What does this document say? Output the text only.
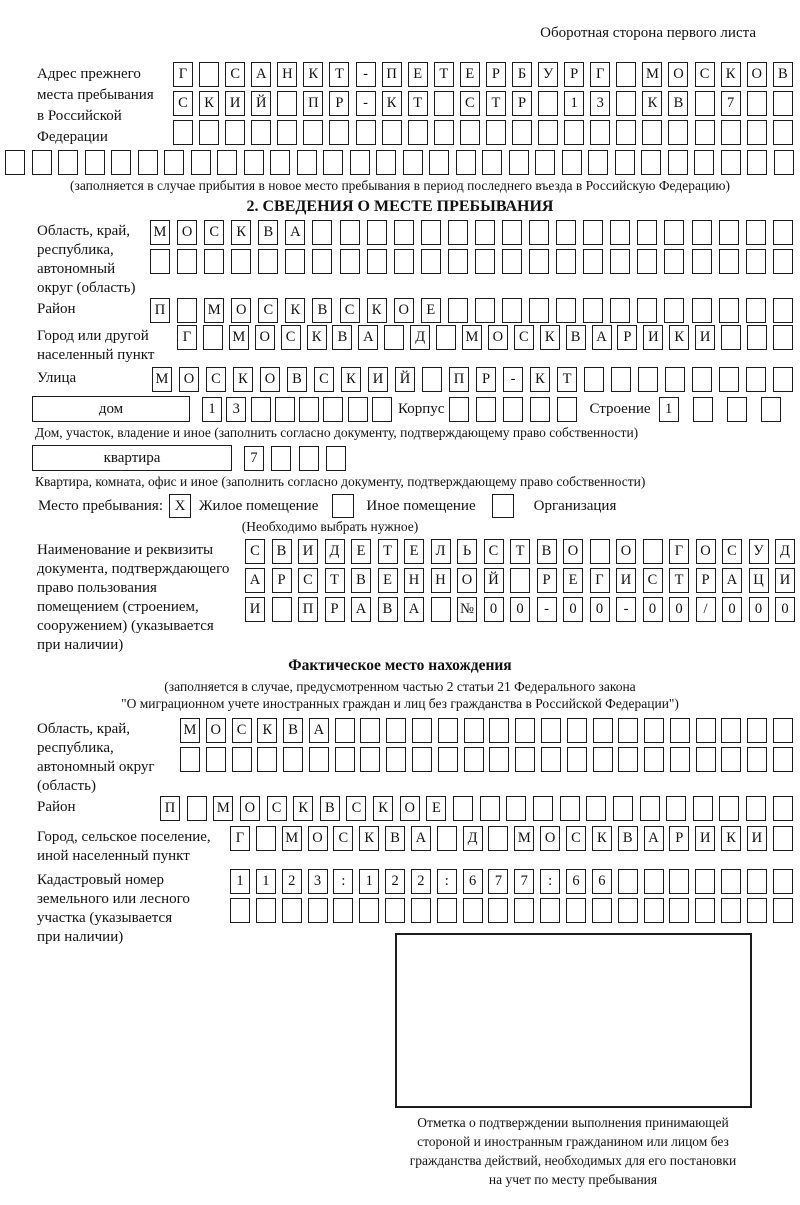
Оборотная сторона первого листа
Адрес прежнего
места пребывания
в Российской
Федерации
Г	С	А	Н	К	Т	-	П	Е	Т	Е	Р	Б	У	Р	Г	М О	С	К	О	В
С	К	И	Й	П	Р	-	К	Т	С	Т	Р	1	3	К	В	7
(заполняется в случае прибытия в новое место пребывания в период последнего въезда в Российскую Федерацию)
2. СВЕДЕНИЯ О МЕСТЕ ПРЕБЫВАНИЯ
Область, край,
республика,
автономный
округ (область)
М	О	С	К	В	А
Район	П	М	О	С	К	В	С	К	О	Е
Город или другой
населенный пункт
Г	М О	С	К	В	А	Д	М О	С	К	В	А	Р	И	К	И
Улица	М	О	С	К	О	В	С	К	И	Й	П	Р	-	К	Т
дом	1	3	Корпус	Строение 1
Дом, участок, владение и иное (заполнить согласно документу, подтверждающему право собственности)
квартира	7
Квартира, комната, офис и иное (заполнить согласно документу, подтверждающему право собственности)
Место пребывания: X Жилое помещение	Иное помещение	Организация
(Необходимо выбрать нужное)
Наименование и реквизиты
документа, подтверждающего
право пользования
помещением (строением,
сооружением) (указывается
при наличии)
С	В	И	Д	Е	Т	Е	Л	Ь	С	Т	В	О	О	Г	О	С	У	Д
А	Р	С	Т	В	Е	Н	Н	О	Й	Р	Е	Г	И	С	Т	Р	А	Ц	И
И	П	Р	А	В	А	№	0	0	-	0	0	-	0	0	/	0	0	0
Фактическое место нахождения
(заполняется в случае, предусмотренном частью 2 статьи 21 Федерального закона
"О миграционном учете иностранных граждан и лиц без гражданства в Российской Федерации")
Область, край,
республика,
автономный округ
(область)
М О	С	К	В	А
Район	П	М	О	С	К	В	С	К	О	Е
Город, сельское поселение,
иной населенный пункт
Г	М О	С	К	В	А	Д	М О	С	К	В	А	Р	И	К	И
Кадастровый номер
земельного или лесного
участка (указывается
при наличии)
1	1	2	3	:	1	2	2	:	6	7	7	:	6	6
Отметка о подтверждении выполнения принимающей
стороной и иностранным гражданином или лицом без
гражданства действий, необходимых для его постановки
на учет по месту пребывания
